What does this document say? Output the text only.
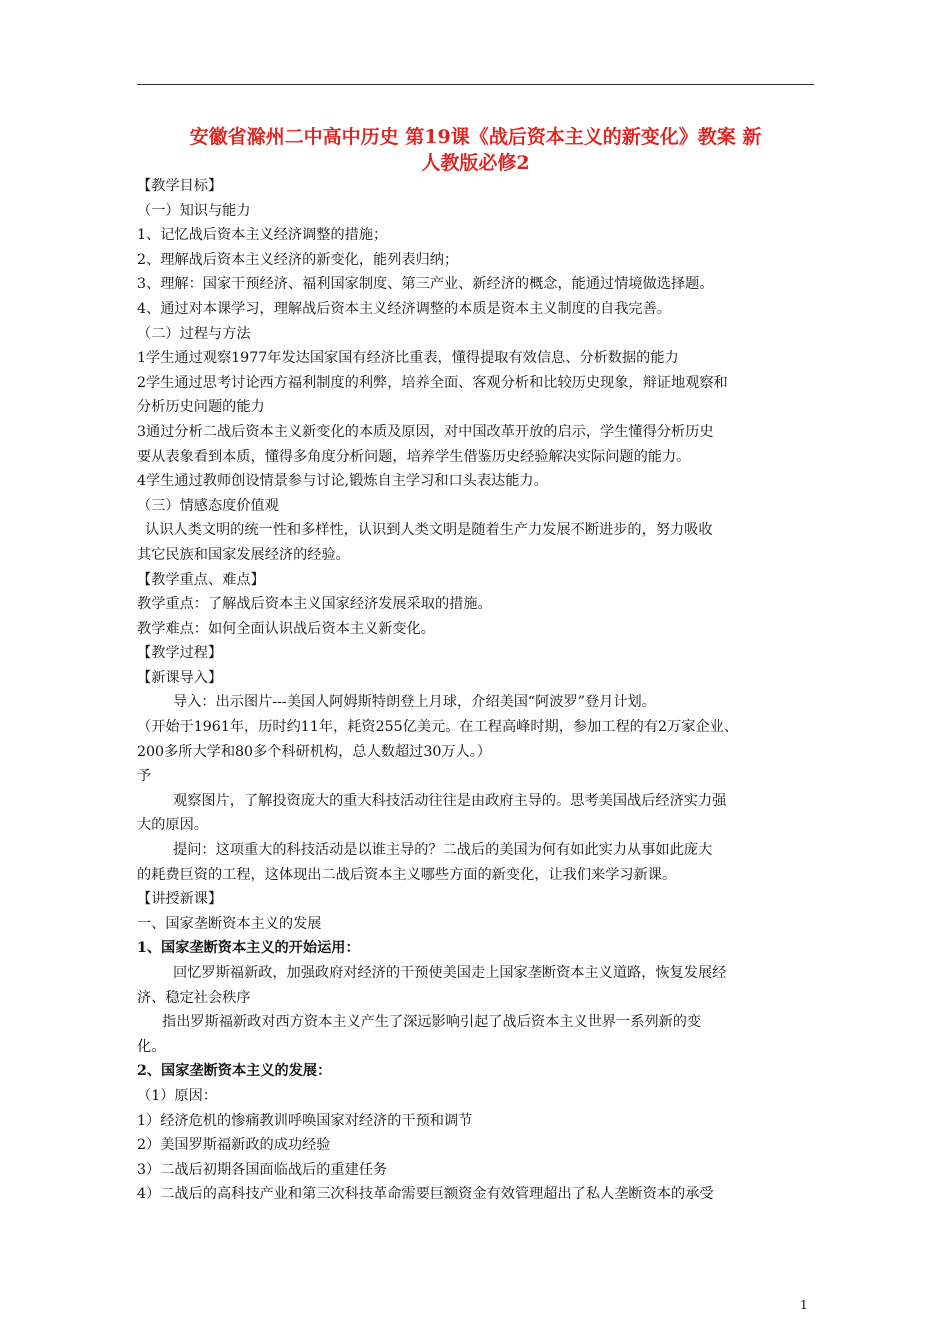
安徽省滁州二中高中历史 第19课《战后资本主义的新变化》教案 新
人教版必修2
【教学目标】
（一）知识与能力
1、记忆战后资本主义经济调整的措施；
2、理解战后资本主义经济的新变化，能列表归纳；
3、理解：国家干预经济、福利国家制度、第三产业、新经济的概念，能通过情境做选择题。
4、通过对本课学习，理解战后资本主义经济调整的本质是资本主义制度的自我完善。
（二）过程与方法
1学生通过观察1977年发达国家国有经济比重表，懂得提取有效信息、分析数据的能力
2学生通过思考讨论西方福利制度的利弊，培养全面、客观分析和比较历史现象，辩证地观察和
分析历史问题的能力
3通过分析二战后资本主义新变化的本质及原因，对中国改革开放的启示，学生懂得分析历史
要从表象看到本质，懂得多角度分析问题，培养学生借鉴历史经验解决实际问题的能力。
4学生通过教师创设情景参与讨论,锻炼自主学习和口头表达能力。
（三）情感态度价值观
认识人类文明的统一性和多样性，认识到人类文明是随着生产力发展不断进步的，努力吸收
其它民族和国家发展经济的经验。
【教学重点、难点】
教学重点：了解战后资本主义国家经济发展采取的措施。
教学难点：如何全面认识战后资本主义新变化。
【教学过程】
【新课导入】
导入：出示图片---美国人阿姆斯特朗登上月球，介绍美国“阿波罗”登月计划。
（开始于1961年，历时约11年，耗资255亿美元。在工程高峰时期，参加工程的有2万家企业、
200多所大学和80多个科研机构，总人数超过30万人。）
予
观察图片，了解投资庞大的重大科技活动往往是由政府主导的。思考美国战后经济实力强
大的原因。
提问：这项重大的科技活动是以谁主导的？二战后的美国为何有如此实力从事如此庞大
的耗费巨资的工程，这体现出二战后资本主义哪些方面的新变化，让我们来学习新课。
【讲授新课】
一、国家垄断资本主义的发展
1、国家垄断资本主义的开始运用：
回忆罗斯福新政，加强政府对经济的干预使美国走上国家垄断资本主义道路，恢复发展经
济、稳定社会秩序
指出罗斯福新政对西方资本主义产生了深远影响引起了战后资本主义世界一系列新的变
化。
2、国家垄断资本主义的发展：
（1）原因：
1）经济危机的惨痛教训呼唤国家对经济的干预和调节
2）美国罗斯福新政的成功经验
3）二战后初期各国面临战后的重建任务
4）二战后的高科技产业和第三次科技革命需要巨额资金有效管理超出了私人垄断资本的承受
1
